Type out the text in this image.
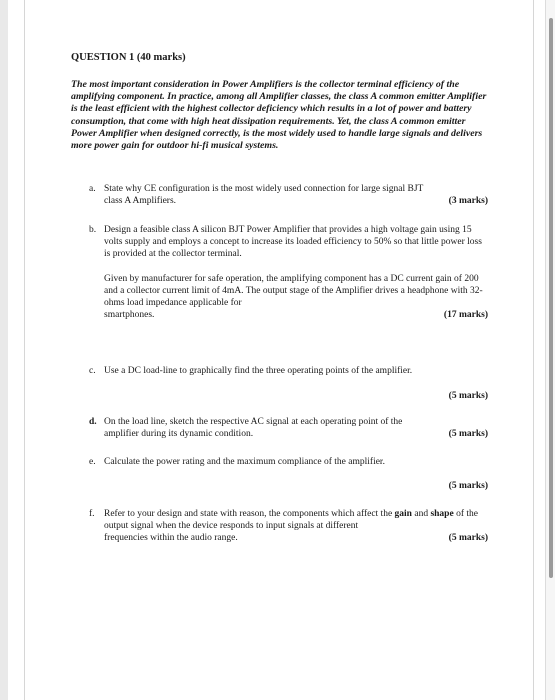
QUESTION 1 (40 marks)

The most important consideration in Power Amplifiers is the collector terminal efficiency of the amplifying component. In practice, among all Amplifier classes, the class A common emitter Amplifier is the least efficient with the highest collector deficiency which results in a lot of power and battery consumption, that come with high heat dissipation requirements. Yet, the class A common emitter Power Amplifier when designed correctly, is the most widely used to handle large signals and delivers more power gain for outdoor hi-fi musical systems.

a. State why CE configuration is the most widely used connection for large signal BJT
class A Amplifiers.	(3 marks)
b. Design a feasible class A silicon BJT Power Amplifier that provides a high voltage gain using 15 volts supply and employs a concept to increase its loaded efficiency to 50% so that little power loss is provided at the collector terminal.

Given by manufacturer for safe operation, the amplifying component has a DC current gain of 200 and a collector current limit of 4mA. The output stage of the Amplifier drives a headphone with 32-ohms load impedance applicable for

smartphones.	(17 marks)
c. Use a DC load-line to graphically find the three operating points of the amplifier.
(5 marks)
d. On the load line, sketch the respective AC signal at each operating point of the
amplifier during its dynamic condition.	(5 marks)
e. Calculate the power rating and the maximum compliance of the amplifier.
(5 marks)
f. Refer to your design and state with reason, the components which affect the gain and shape of the output signal when the device responds to input signals at different
frequencies within the audio range.	(5 marks)
